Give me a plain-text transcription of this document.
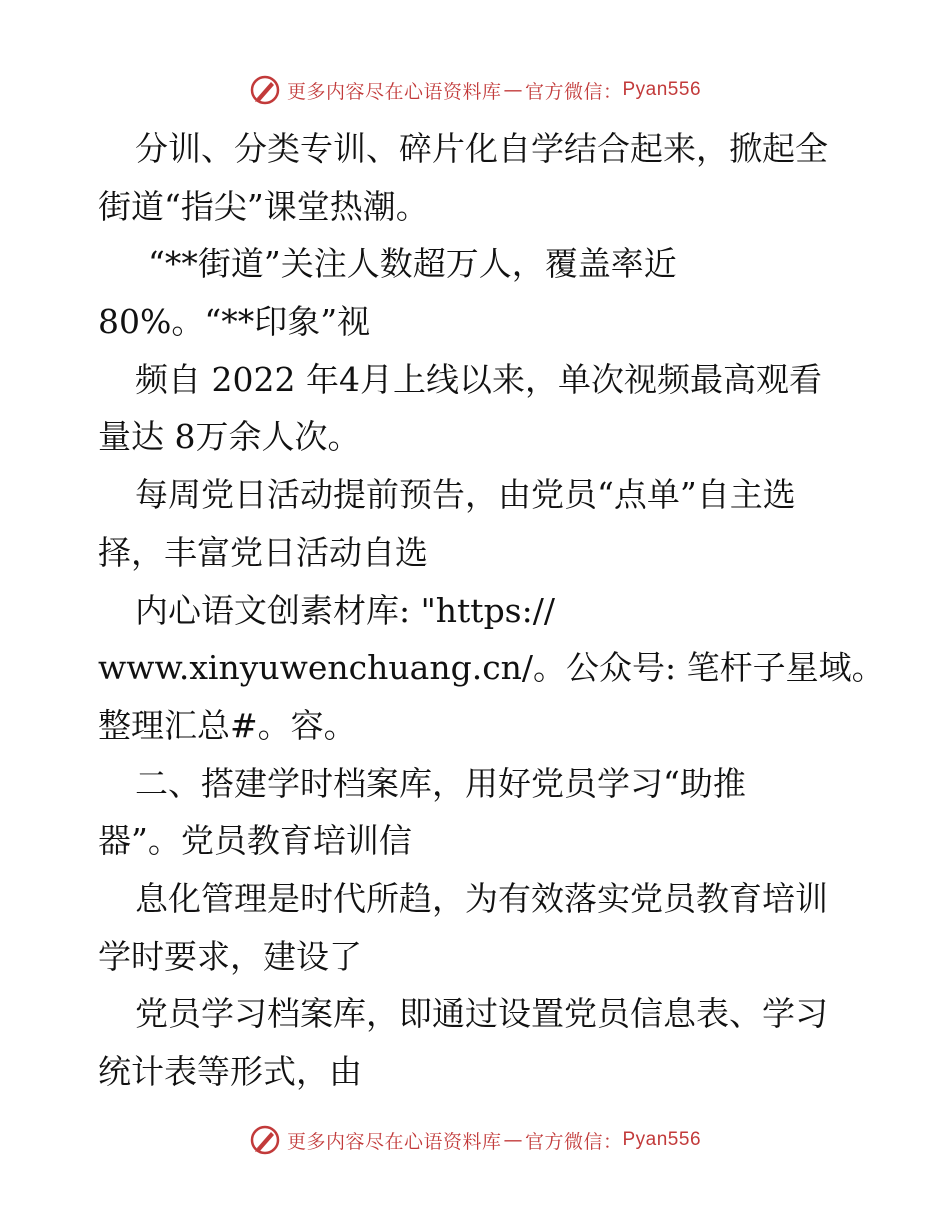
更多内容尽在心语资料库 — 官方微信： Pyan556
分训、分类专训、碎片化自学结合起来，掀起全
街道“指尖”课堂热潮。
“**街道”关注人数超万人，覆盖率近
80%。“**印象”视
频自 2022 年4月上线以来，单次视频最高观看
量达 8万余人次。
每周党日活动提前预告，由党员“点单”自主选
择，丰富党日活动自选
内心语文创素材库: "https://
www.xinyuwenchuang.cn/。公众号: 笔杆子星域。
整理汇总#。容。
二、搭建学时档案库，用好党员学习“助推
器”。党员教育培训信
息化管理是时代所趋，为有效落实党员教育培训
学时要求，建设了
党员学习档案库，即通过设置党员信息表、学习
统计表等形式，由
更多内容尽在心语资料库 — 官方微信： Pyan556
